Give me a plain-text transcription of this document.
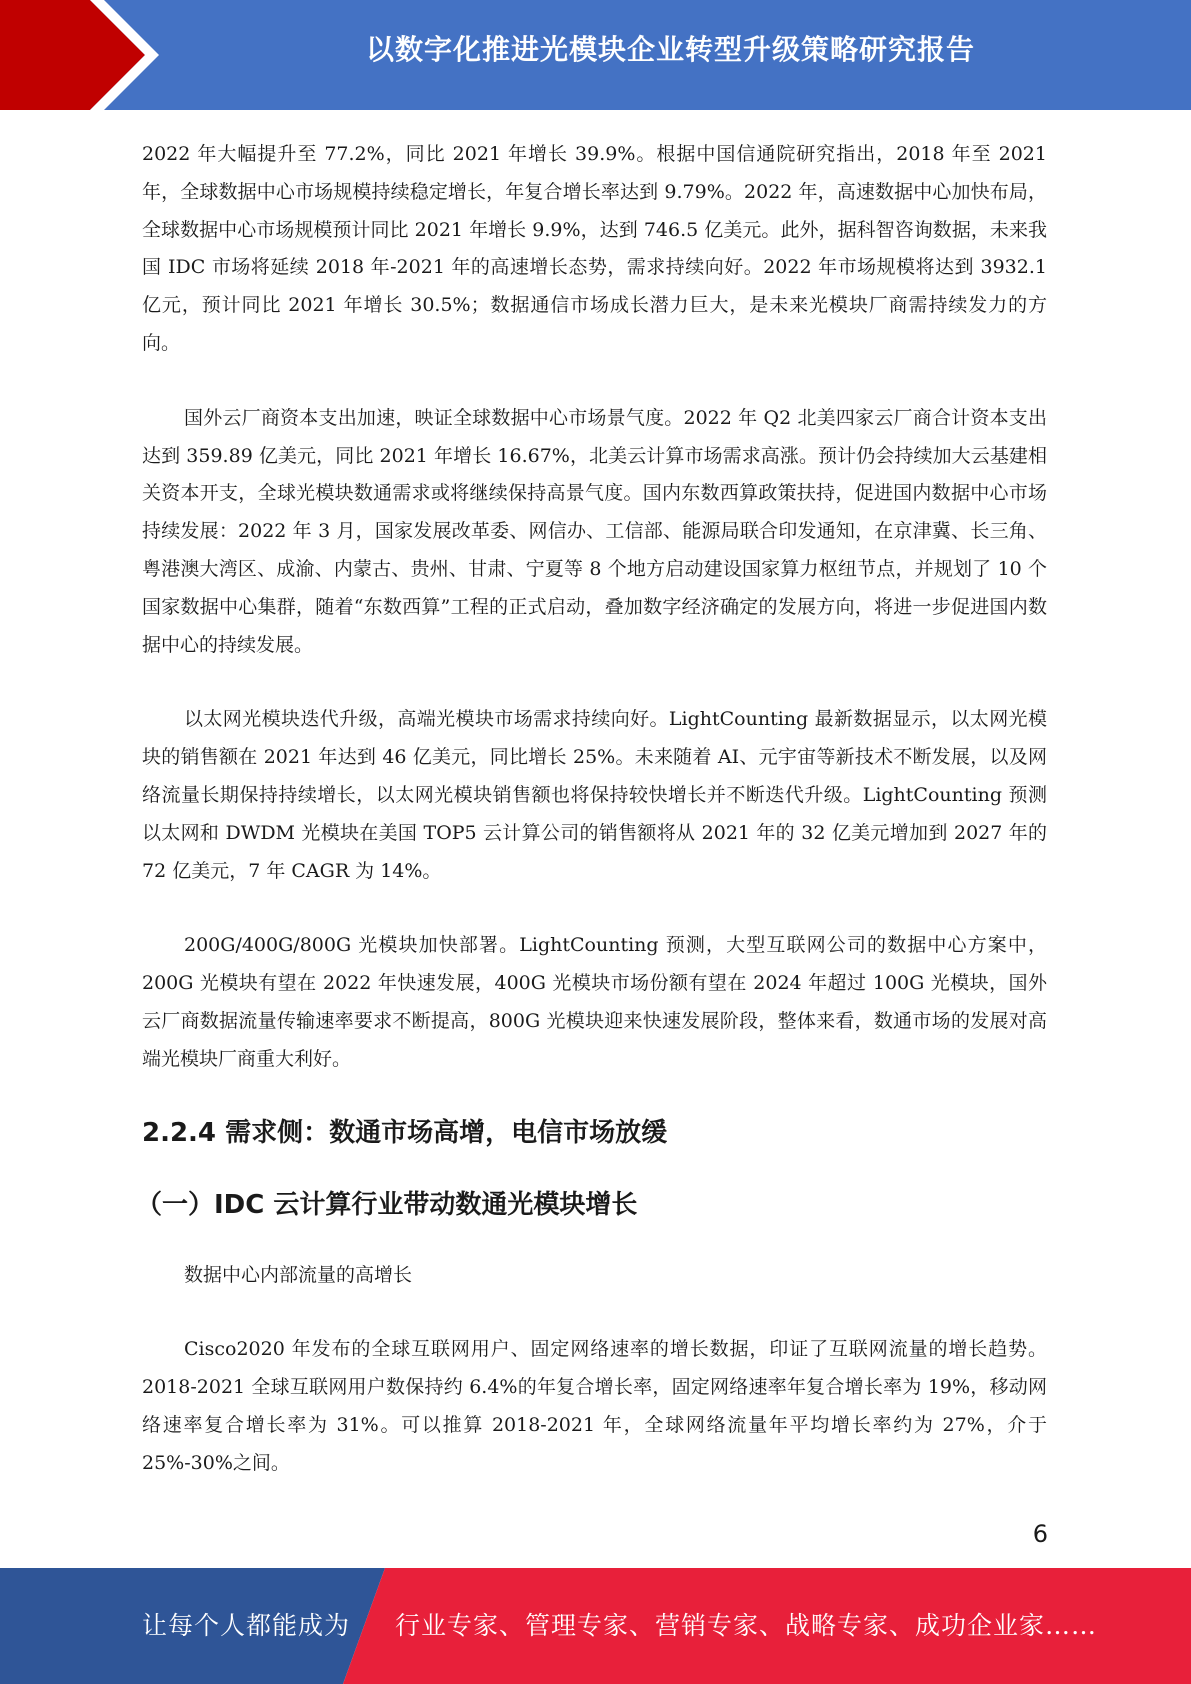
以数字化推进光模块企业转型升级策略研究报告

2022 年大幅提升至 77.2%，同比 2021 年增长 39.9%。根据中国信通院研究指出，2018 年至 2021 年，全球数据中心市场规模持续稳定增长，年复合增长率达到 9.79%。2022 年，高速数据中心加快布局，全球数据中心市场规模预计同比 2021 年增长 9.9%，达到 746.5 亿美元。此外，据科智咨询数据，未来我国 IDC 市场将延续 2018 年-2021 年的高速增长态势，需求持续向好。2022 年市场规模将达到 3932.1 亿元，预计同比 2021 年增长 30.5%；数据通信市场成长潜力巨大，是未来光模块厂商需持续发力的方向。

国外云厂商资本支出加速，映证全球数据中心市场景气度。2022 年 Q2 北美四家云厂商合计资本支出达到 359.89 亿美元，同比 2021 年增长 16.67%，北美云计算市场需求高涨。预计仍会持续加大云基建相关资本开支，全球光模块数通需求或将继续保持高景气度。国内东数西算政策扶持，促进国内数据中心市场持续发展：2022 年 3 月，国家发展改革委、网信办、工信部、能源局联合印发通知，在京津冀、长三角、粤港澳大湾区、成渝、内蒙古、贵州、甘肃、宁夏等 8 个地方启动建设国家算力枢纽节点，并规划了 10 个国家数据中心集群，随着“东数西算”工程的正式启动，叠加数字经济确定的发展方向，将进一步促进国内数据中心的持续发展。

以太网光模块迭代升级，高端光模块市场需求持续向好。LightCounting 最新数据显示，以太网光模块的销售额在 2021 年达到 46 亿美元，同比增长 25%。未来随着 AI、元宇宙等新技术不断发展，以及网络流量长期保持持续增长，以太网光模块销售额也将保持较快增长并不断迭代升级。LightCounting 预测以太网和 DWDM 光模块在美国 TOP5 云计算公司的销售额将从 2021 年的 32 亿美元增加到 2027 年的 72 亿美元，7 年 CAGR 为 14%。

200G/400G/800G 光模块加快部署。LightCounting 预测，大型互联网公司的数据中心方案中，200G 光模块有望在 2022 年快速发展，400G 光模块市场份额有望在 2024 年超过 100G 光模块，国外云厂商数据流量传输速率要求不断提高，800G 光模块迎来快速发展阶段，整体来看，数通市场的发展对高端光模块厂商重大利好。

2.2.4 需求侧：数通市场高增，电信市场放缓
（一）IDC 云计算行业带动数通光模块增长

数据中心内部流量的高增长

Cisco2020 年发布的全球互联网用户、固定网络速率的增长数据，印证了互联网流量的增长趋势。2018-2021 全球互联网用户数保持约 6.4%的年复合增长率，固定网络速率年复合增长率为 19%，移动网络速率复合增长率为 31%。可以推算 2018-2021 年，全球网络流量年平均增长率约为 27%，介于 25%-30%之间。

6
让每个人都能成为 行业专家、管理专家、营销专家、战略专家、成功企业家……
